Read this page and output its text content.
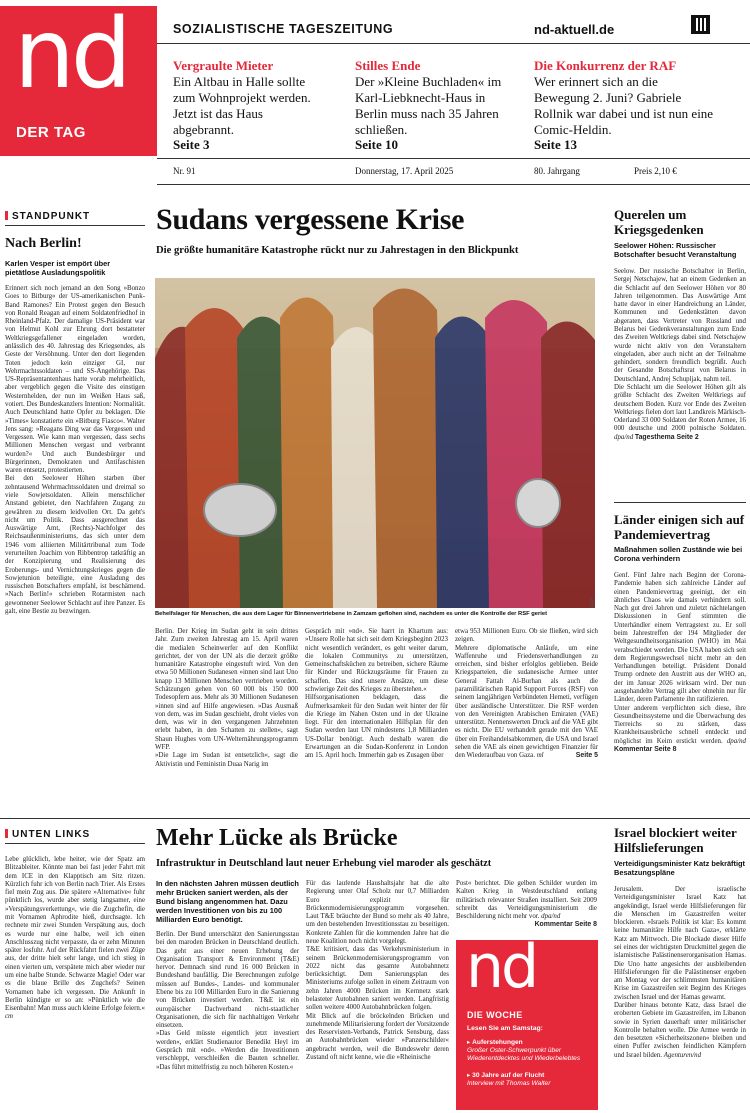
nd
DER TAG
SOZIALISTISCHE TAGESZEITUNG	nd-aktuell.de
Vergraulte Mieter
Ein Altbau in Halle sollte zum Wohnprojekt werden. Jetzt ist das Haus abgebrannt.
Seite 3
Stilles Ende
Der »Kleine Buchladen« im Karl-Liebknecht-Haus in Berlin muss nach 35 Jahren schließen.
Seite 10
Die Konkurrenz der RAF
Wer erinnert sich an die Bewegung 2. Juni? Gabriele Rollnik war dabei und ist nun eine Comic-Heldin.
Seite 13
Nr. 91	Donnerstag, 17. April 2025	80. Jahrgang	Preis 2,10 €
STANDPUNKT
Nach Berlin!
Karlen Vesper ist empört über pietätlose Ausladungspolitik
Erinnert sich noch jemand an den Song »Bonzo Goes to Bitburg« der US-amerikanischen Punk-Band Ramones? Ein Protest gegen den Besuch von Ronald Reagan auf einem Soldatenfriedhof in Rheinland-Pfalz. Der damalige US-Präsident war von Helmut Kohl zur Ehrung dort bestatteter Weltkriegsgefallener eingeladen worden, anlässlich des 40. Jahrestag des Kriegsendes, als Geste der Versöhnung. Unter den dort liegenden Toten jedoch kein einziger GI, nur Wehrmachtssoldaten – und SS-Angehörige. Das US-Repräsentantenhaus hatte vorab mehrheitlich, aber vergeblich gegen die Visite des einstigen Westernhelden, der nun im Weißen Haus saß, votiert. Des Bundeskanzlers Intention: Normalität. Auch Deutschland hatte Opfer zu beklagen. Die »Times« konstatierte ein »Bitburg Fiasco«. Walter Jens sang: »Reagans Ding war das Vergessen und Vergessen. Wie kann man vergessen, dass sechs Millionen Menschen vergast und verbrannt wurden?« Und auch Bundesbürger und Bürgerinnen, Demokraten und Antifaschisten waren entsetzt, protestierten.
Bei den Seelower Höhen starben über zehntausend Wehrmachtssoldaten und dreimal so viele Sowjetsoldaten. Allein menschlicher Anstand gebietet, den Nachfahren Zugang zu gewähren zu diesem leidvollen Ort. Da geht's nicht um Politik. Dass ausgerechnet das Auswärtige Amt, (Rechts)-Nachfolger des Reichsaußenministeriums, das sich unter dem 1946 vom alliierten Militärtribunal zum Tode verurteilten Joachim von Ribbentrop tatkräftig an der Konzipierung und Realisierung des Eroberungs- und Vernichtungskrieges gegen die Sowjetunion beteiligte, eine Ausladung des russischen Botschafters empfahl, ist beschämend. »Nach Berlin!« schrieben Rotarmisten nach gewonnener Seelower Schlacht auf ihre Panzer. Es galt, eine Bestie zu bezwingen.
Sudans vergessene Krise
Die größte humanitäre Katastrophe rückt nur zu Jahrestagen in den Blickpunkt
Behelfslager für Menschen, die aus dem Lager für Binnenvertriebene in Zamzam geflohen sind, nachdem es unter die Kontrolle der RSF geriet
AFP
Berlin. Der Krieg im Sudan geht in sein drittes Jahr. Zum zweiten Jahrestag am 15. April waren die medialen Scheinwerfer auf den Konflikt gerichtet, der von der UN als die derzeit größte humanitäre Katastrophe eingestuft wird. Von den etwa 50 Millionen Sudanesen »innen sind laut Uno knapp 13 Millionen Menschen vertrieben worden. Schätzungen gehen von 60 000 bis 150 000 Todesopfern aus. Mehr als 30 Millionen Sudanesen »innen sind auf Hilfe angewiesen. »Das Ausmaß von dem, was im Sudan geschieht, droht vieles von dem, was wir in den vergangenen Jahrzehnten erlebt haben, in den Schatten zu stellen«, sagt Shaun Hughes vom UN-Welternährungsprogramm WFP.
»Die Lage im Sudan ist entsetzlich«, sagt die Aktivistin und Feministin Duaa Narig im
Gespräch mit »nd«. Sie harrt in Khartum aus: »Unsere Rolle hat sich seit dem Kriegsbeginn 2023 nicht wesentlich verändert, es geht weiter darum, die lokalen Communitys zu unterstützen, Gemeinschaftsküchen zu betreiben, sichere Räume für Kinder und Rückzugsräume für Frauen zu schaffen. Das sind unsere Ansätze, um diese schwierige Zeit des Krieges zu überstehen.«
Hilfsorganisationen beklagen, dass die Aufmerksamkeit für den Sudan weit hinter der für die Kriege im Nahen Osten und in der Ukraine liegt. Für den internationalen Hilfsplan für den Sudan werden laut UN mindestens 1,8 Milliarden US-Dollar benötigt. Auch deshalb waren die Erwartungen an die Sudan-Konferenz in London am 15. April hoch. Immerhin gab es Zusagen über
etwa 953 Millionen Euro. Ob sie fließen, wird sich zeigen.
Mehrere diplomatische Anläufe, um eine Waffenruhe und Friedensverhandlungen zu erreichen, sind bisher erfolglos geblieben. Beide Kriegsparteien, die sudanesische Armee unter General Fattah Al-Burhan als auch die paramilitärischen Rapid Support Forces (RSF) von seinem langjährigen Verbündeten Hemeti, verfügen über ausländische Unterstützer. Die RSF werden von den Vereinigten Arabischen Emiraten (VAE) unterstützt. Nennenswerten Druck auf die VAE gibt es nicht. Die EU verhandelt gerade mit den VAE über ein Freihandelsabkommen, die USA und Israel sehen die VAE als einen gewichtigen Finanzier für den Wiederaufbau von Gaza. ml	Seite 5
Querelen um Kriegsgedenken
Seelower Höhen: Russischer Botschafter besucht Veranstaltung
Seelow. Der russische Botschafter in Berlin, Sergej Netschajew, hat an einem Gedenken an die Schlacht auf den Seelower Höhen vor 80 Jahren teilgenommen. Das Auswärtige Amt hatte davor in einer Handreichung an Länder, Kommunen und Gedenkstätten davon abgeraten, dass Vertreter von Russland und Belarus bei Gedenkveranstaltungen zum Ende des Zweiten Weltkriegs dabei sind. Netschajew wurde nicht aktiv von den Veranstaltern eingeladen, aber auch nicht an der Teilnahme gehindert, sondern freundlich begrüßt. Auch der Gesandte Botschaftsrat von Belarus in Deutschland, Andrej Schupljak, nahm teil.
Die Schlacht um die Seelower Höhen gilt als größte Schlacht des Zweiten Weltkriegs auf deutschem Boden. Kurz vor Ende des Zweiten Weltkriegs fielen dort laut Landkreis Märkisch-Oderland 33 000 Soldaten der Roten Armee, 16 000 deutsche und 2000 polnische Soldaten. dpa/nd Tagesthema Seite 2
Länder einigen sich auf Pandemievertrag
Maßnahmen sollen Zustände wie bei Corona verhindern
Genf. Fünf Jahre nach Beginn der Corona-Pandemie haben sich zahlreiche Länder auf einen Pandemievertrag geeinigt, der ein ähnliches Chaos wie damals verhindern soll. Nach gut drei Jahren und zuletzt nächtelangen Diskussionen in Genf stimmten die Unterhändler einem Vertragstext zu. Er soll beim Jahrestreffen der 194 Mitglieder der Weltgesundheitsorganisation (WHO) im Mai verabschiedet werden. Die USA haben sich seit dem Regierungswechsel nicht mehr an den Verhandlungen beteiligt. Präsident Donald Trump ordnete den Austritt aus der WHO an, der im Januar 2026 wirksam wird. Der nun ausgehandelte Vertrag gilt aber ohnehin nur für Länder, deren Parlamente ihn ratifizieren.
Unter anderem verpflichten sich diese, ihre Gesundheitssysteme und die Überwachung des Tierreichs so zu stärken, dass Krankheitsausbrüche schnell entdeckt und möglichst im Keim erstickt werden. dpa/nd Kommentar Seite 8
UNTEN LINKS
Lebe glücklich, lebe heiter, wie der Spatz am Blitzableiter. Könnte man bei fast jeder Fahrt mit dem ICE in den Klapptisch am Sitz ritzen. Kürzlich fuhr ich von Berlin nach Trier. Als Erstes fiel mein Zug aus. Die spätere »Alternative« fuhr pünktlich los, wurde aber stetig langsamer, eine »Verspätungsverkettung«, wie die Zugchefin, die mit Vornamen Aphrodite hieß, durchsagte. Ich rechnete mir zwei Stunden Verspätung aus, doch es wurde nur eine halbe, weil ich einen Anschlusszug nicht verpasste, da er zehn Minuten später losfuhr. Auf der Rückfahrt fielen zwei Züge aus, der dritte hielt sehr lange, und ich stieg in einen vierten um, verspätete mich aber wieder nur um eine halbe Stunde. Schwarze Magie! Oder war es die blaue Brille des Zugchefs? Seinen Vornamen habe ich vergessen. Die Ankunft in Berlin kündigte er so an: »Pünktlich wie die Eisenbahn! Man muss auch kleine Erfolge feiern.« cm
Mehr Lücke als Brücke
Infrastruktur in Deutschland laut neuer Erhebung viel maroder als geschätzt
In den nächsten Jahren müssen deutlich mehr Brücken saniert werden, als der Bund bislang angenommen hat. Dazu werden Investitionen von bis zu 100 Milliarden Euro benötigt.
Berlin. Der Bund unterschätzt den Sanierungsstau bei den maroden Brücken in Deutschland deutlich. Das geht aus einer neuen Erhebung der Organisation Transport & Environment (T&E) hervor. Demnach sind rund 16 000 Brücken in Bundeshand baufällig. Die Berechnungen zufolge müssen auf Bundes-, Landes- und kommunaler Ebene bis zu 100 Milliarden Euro in die Sanierung von Brücken investiert werden. T&E ist ein europäischer Dachverband nicht-staatlicher Organisationen, die sich für nachhaltigen Verkehr einsetzen.
»Das Geld müsste eigentlich jetzt investiert werden«, erklärt Studienautor Benedikt Heyl im Gespräch mit »nd«. »Werden die Investitionen verschleppt, verschleißen die Bauten schneller. »Das führt mittelfristig zu noch höheren Kosten.«
Für das laufende Haushaltsjahr hat die alte Regierung unter Olaf Scholz nur 0,7 Milliarden Euro explizit für Brückenmodernisierungsprogramm vorgesehen. Laut T&E bräuchte der Bund so mehr als 40 Jahre, um den bestehenden Investitionsstau zu beseitigen. Konkrete Zahlen für die kommenden Jahre hat die neue Koalition noch nicht vorgelegt.
T&E kritisiert, dass das Verkehrsministerium in seinem Brückenmodernisierungsprogramm von 2022 nicht das gesamte Autobahnnetz berücksichtigt. Dem Sanierungsplan des Ministeriums zufolge sollen in einem Zeitraum von zehn Jahren 4000 Brücken im Kernnetz stark belasteter Autobahnen saniert werden. Langfristig sollen weitere 4000 Autobahnbrücken folgen.
Mit Blick auf die bröckelnden Brücken und zunehmende Militarisierung fordert der Vorsitzende des Reservisten-Verbands, Patrick Sensburg, dass an Autobahnbrücken wieder »Panzerschilder« angebracht werden, weil die Bundeswehr deren Zustand oft nicht kenne, wie die »Rheinische
Post« berichtet. Die gelben Schilder wurden im Kalten Krieg in Westdeutschland entlang militärisch relevanter Straßen installiert. Seit 2009 schreibt das Verteidigungsministerium die Beschilderung nicht mehr vor. dpa/nd
Kommentar Seite 8
nd
DIE WOCHE
Lesen Sie am Samstag:
▸ Auferstehungen
Großer Oster-Schwerpunkt über Wiederentdecktes und Wiederbelebtes
▸ 30 Jahre auf der Flucht
Interview mit Thomas Walter
Israel blockiert weiter Hilfslieferungen
Verteidigungsminister Katz bekräftigt Besatzungspläne
Jerusalem. Der israelische Verteidigungsminister Israel Katz hat angekündigt, Israel werde Hilfslieferungen für die Menschen im Gazastreifen weiter blockieren. »Israels Politik ist klar: Es kommt keine humanitäre Hilfe nach Gaza«, erklärte Katz am Mittwoch. Die Blockade dieser Hilfe sei eines der wichtigsten Druckmittel gegen die islamistische Palästinenserorganisation Hamas. Die Uno hatte angesichts der ausbleibenden Hilfslieferungen für die Palästinenser ergeben am Montag vor der schlimmsten humanitären Krise im Gazastreifen seit Beginn des Krieges zwischen Israel und der Hamas gewarnt.
Darüber hinaus betonte Katz, dass Israel die eroberten Gebiete im Gazastreifen, im Libanon sowie in Syrien dauerhaft unter militärischer Kontrolle behalten wolle. Die Armee werde in den besetzten »Sicherheitszonen« bleiben und einen Puffer zwischen feindlichen Kämpfern und Israel bilden. Agenturen/nd
